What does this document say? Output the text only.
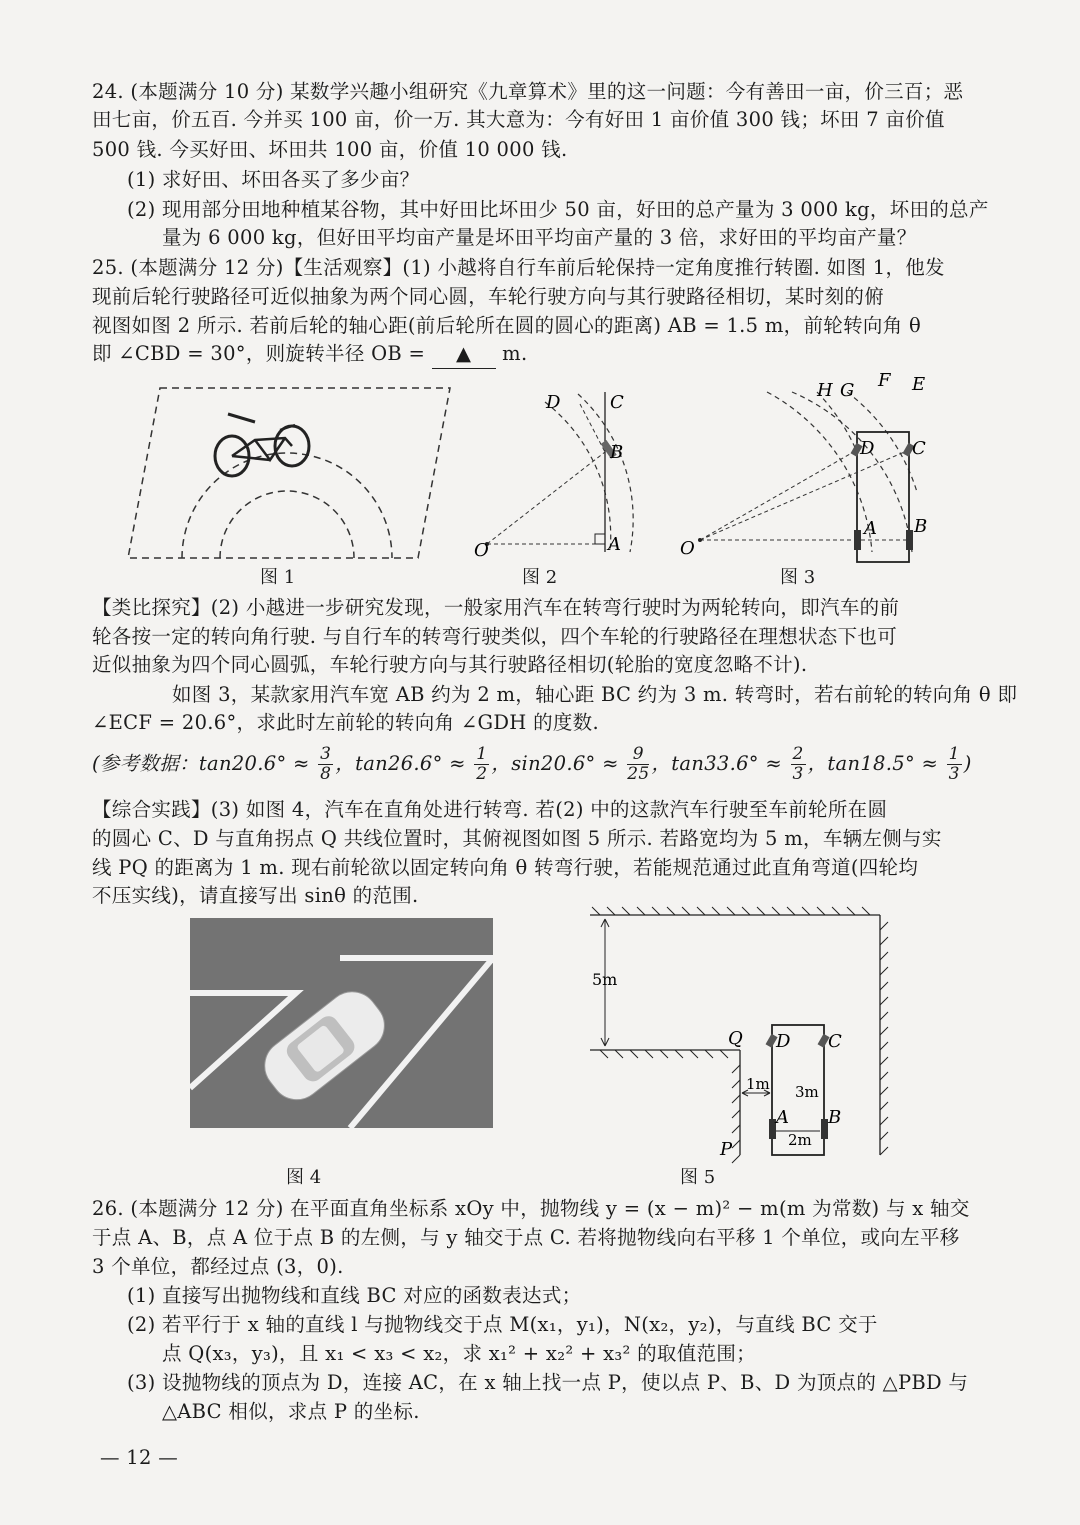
24. (本题满分 10 分) 某数学兴趣小组研究《九章算术》里的这一问题：今有善田一亩，价三百；恶
田七亩，价五百. 今并买 100 亩，价一万. 其大意为：今有好田 1 亩价值 300 钱；坏田 7 亩价值
500 钱. 今买好田、坏田共 100 亩，价值 10 000 钱.
(1) 求好田、坏田各买了多少亩？
(2) 现用部分田地种植某谷物，其中好田比坏田少 50 亩，好田的总产量为 3 000 kg，坏田的总产
量为 6 000 kg，但好田平均亩产量是坏田平均亩产量的 3 倍，求好田的平均亩产量？
25. (本题满分 12 分)【生活观察】(1) 小越将自行车前后轮保持一定角度推行转圈. 如图 1，他发
现前后轮行驶路径可近似抽象为两个同心圆，车轮行驶方向与其行驶路径相切，某时刻的俯
视图如图 2 所示. 若前后轮的轴心距(前后轮所在圆的圆心的距离) AB = 1.5 m，前轮转向角 θ
即 ∠CBD = 30°，则旋转半径 OB = ▲ m.
图 1
D	C
B
A
O
图 2
H G F E
D C
A B
O
图 3
【类比探究】(2) 小越进一步研究发现，一般家用汽车在转弯行驶时为两轮转向，即汽车的前
轮各按一定的转向角行驶. 与自行车的转弯行驶类似，四个车轮的行驶路径在理想状态下也可
近似抽象为四个同心圆弧，车轮行驶方向与其行驶路径相切(轮胎的宽度忽略不计).
如图 3，某款家用汽车宽 AB 约为 2 m，轴心距 BC 约为 3 m. 转弯时，若右前轮的转向角 θ 即
∠ECF = 20.6°，求此时左前轮的转向角 ∠GDH 的度数.
(参考数据：$\tan 20.6^\circ \approx \frac{3}{8}$ ，$\tan 26.6^\circ \approx \frac{1}{2}$ ，$\sin 20.6^\circ \approx \frac{9}{25}$ ，$\tan 33.6^\circ \approx \frac{2}{3}$ ，$\tan 18.5^\circ \approx \frac{1}{3}$ )
【综合实践】(3) 如图 4，汽车在直角处进行转弯. 若(2) 中的这款汽车行驶至车前轮所在圆
的圆心 C、D 与直角拐点 Q 共线位置时，其俯视图如图 5 所示. 若路宽均为 5 m，车辆左侧与实
线 PQ 的距离为 1 m. 现右前轮欲以固定转向角 θ 转弯行驶，若能规范通过此直角弯道(四轮均
不压实线)，请直接写出 sinθ 的范围.
图 4
5m
1m 3m
2m
Q D C
A B
P
图 5
26. (本题满分 12 分) 在平面直角坐标系 xOy 中，抛物线 y = (x − m)² − m(m 为常数) 与 x 轴交
于点 A、B，点 A 位于点 B 的左侧，与 y 轴交于点 C. 若将抛物线向右平移 1 个单位，或向左平移
3 个单位，都经过点 (3，0).
(1) 直接写出抛物线和直线 BC 对应的函数表达式；
(2) 若平行于 x 轴的直线 l 与抛物线交于点 M(x₁，y₁)，N(x₂，y₂)，与直线 BC 交于
点 Q(x₃，y₃)，且 x₁ < x₃ < x₂，求 x₁² + x₂² + x₃² 的取值范围；
(3) 设抛物线的顶点为 D，连接 AC，在 x 轴上找一点 P，使以点 P、B、D 为顶点的 △PBD 与
△ABC 相似，求点 P 的坐标.
— 12 —
